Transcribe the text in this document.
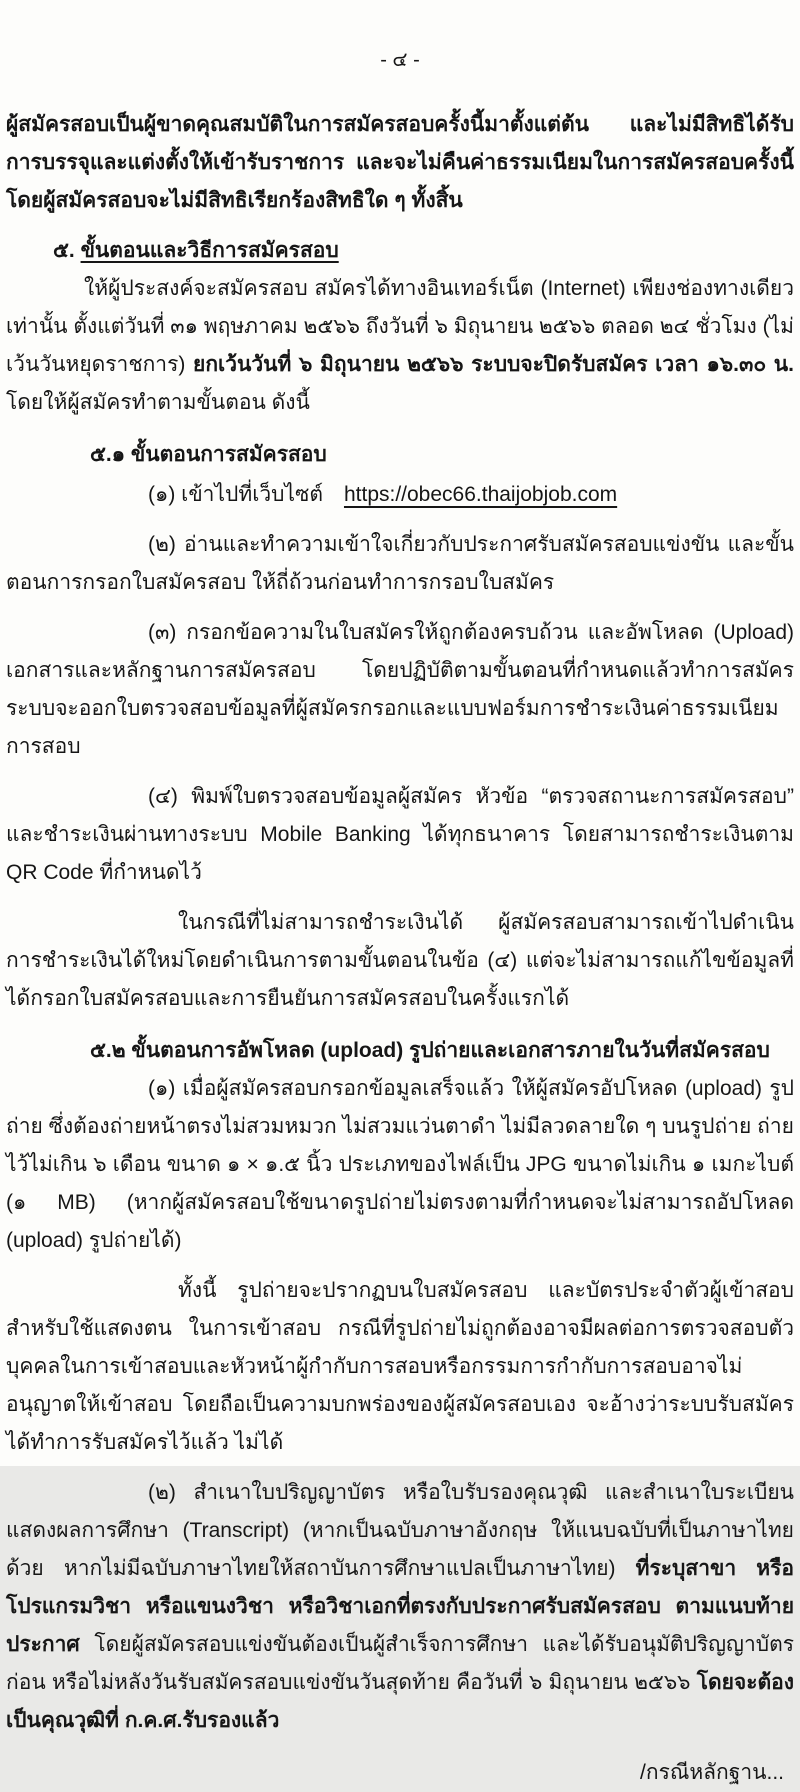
- ๔ -

ผู้สมัครสอบเป็นผู้ขาดคุณสมบัติในการสมัครสอบครั้งนี้มาตั้งแต่ต้น และไม่มีสิทธิได้รับการบรรจุและแต่งตั้งให้เข้ารับราชการ และจะไม่คืนค่าธรรมเนียมในการสมัครสอบครั้งนี้ โดยผู้สมัครสอบจะไม่มีสิทธิเรียกร้องสิทธิใด ๆ ทั้งสิ้น

๕. ขั้นตอนและวิธีการสมัครสอบ

ให้ผู้ประสงค์จะสมัครสอบ สมัครได้ทางอินเทอร์เน็ต (Internet) เพียงช่องทางเดียวเท่านั้น ตั้งแต่วันที่ ๓๑ พฤษภาคม ๒๕๖๖ ถึงวันที่ ๖ มิถุนายน ๒๕๖๖ ตลอด ๒๔ ชั่วโมง (ไม่เว้นวันหยุดราชการ) ยกเว้นวันที่ ๖ มิถุนายน ๒๕๖๖ ระบบจะปิดรับสมัคร เวลา ๑๖.๓๐ น. โดยให้ผู้สมัครทำตามขั้นตอน ดังนี้

๕.๑ ขั้นตอนการสมัครสอบ

(๑) เข้าไปที่เว็บไซต์ https://obec66.thaijobjob.com

(๒) อ่านและทำความเข้าใจเกี่ยวกับประกาศรับสมัครสอบแข่งขัน และขั้นตอนการกรอกใบสมัครสอบ ให้ถี่ถ้วนก่อนทำการกรอบใบสมัคร

(๓) กรอกข้อความในใบสมัครให้ถูกต้องครบถ้วน และอัพโหลด (Upload) เอกสารและหลักฐานการสมัครสอบ โดยปฏิบัติตามขั้นตอนที่กำหนดแล้วทำการสมัคร ระบบจะออกใบตรวจสอบข้อมูลที่ผู้สมัครกรอกและแบบฟอร์มการชำระเงินค่าธรรมเนียมการสอบ

(๔) พิมพ์ใบตรวจสอบข้อมูลผู้สมัคร หัวข้อ “ตรวจสถานะการสมัครสอบ” และชำระเงินผ่านทางระบบ Mobile Banking ได้ทุกธนาคาร โดยสามารถชำระเงินตาม QR Code ที่กำหนดไว้

ในกรณีที่ไม่สามารถชำระเงินได้ ผู้สมัครสอบสามารถเข้าไปดำเนินการชำระเงินได้ใหม่โดยดำเนินการตามขั้นตอนในข้อ (๔) แต่จะไม่สามารถแก้ไขข้อมูลที่ได้กรอกใบสมัครสอบและการยืนยันการสมัครสอบในครั้งแรกได้

๕.๒ ขั้นตอนการอัพโหลด (upload) รูปถ่ายและเอกสารภายในวันที่สมัครสอบ

(๑) เมื่อผู้สมัครสอบกรอกข้อมูลเสร็จแล้ว ให้ผู้สมัครอัปโหลด (upload) รูปถ่าย ซึ่งต้องถ่ายหน้าตรงไม่สวมหมวก ไม่สวมแว่นตาดำ ไม่มีลวดลายใด ๆ บนรูปถ่าย ถ่ายไว้ไม่เกิน ๖ เดือน ขนาด ๑ × ๑.๕ นิ้ว ประเภทของไฟล์เป็น JPG ขนาดไม่เกิน ๑ เมกะไบต์ (๑ MB) (หากผู้สมัครสอบใช้ขนาดรูปถ่ายไม่ตรงตามที่กำหนดจะไม่สามารถอัปโหลด (upload) รูปถ่ายได้)

ทั้งนี้ รูปถ่ายจะปรากฏบนใบสมัครสอบ และบัตรประจำตัวผู้เข้าสอบสำหรับใช้แสดงตน ในการเข้าสอบ กรณีที่รูปถ่ายไม่ถูกต้องอาจมีผลต่อการตรวจสอบตัวบุคคลในการเข้าสอบและหัวหน้าผู้กำกับการสอบหรือกรรมการกำกับการสอบอาจไม่อนุญาตให้เข้าสอบ โดยถือเป็นความบกพร่องของผู้สมัครสอบเอง จะอ้างว่าระบบรับสมัครได้ทำการรับสมัครไว้แล้ว ไม่ได้

(๒) สำเนาใบปริญญาบัตร หรือใบรับรองคุณวุฒิ และสำเนาใบระเบียนแสดงผลการศึกษา (Transcript) (หากเป็นฉบับภาษาอังกฤษ ให้แนบฉบับที่เป็นภาษาไทยด้วย หากไม่มีฉบับภาษาไทยให้สถาบันการศึกษาแปลเป็นภาษาไทย) ที่ระบุสาขา หรือโปรแกรมวิชา หรือแขนงวิชา หรือวิชาเอกที่ตรงกับประกาศรับสมัครสอบ ตามแนบท้ายประกาศ โดยผู้สมัครสอบแข่งขันต้องเป็นผู้สำเร็จการศึกษา และได้รับอนุมัติปริญญาบัตรก่อน หรือไม่หลังวันรับสมัครสอบแข่งขันวันสุดท้าย คือวันที่ ๖ มิถุนายน ๒๕๖๖ โดยจะต้องเป็นคุณวุฒิที่ ก.ค.ศ.รับรองแล้ว

/กรณีหลักฐาน...
